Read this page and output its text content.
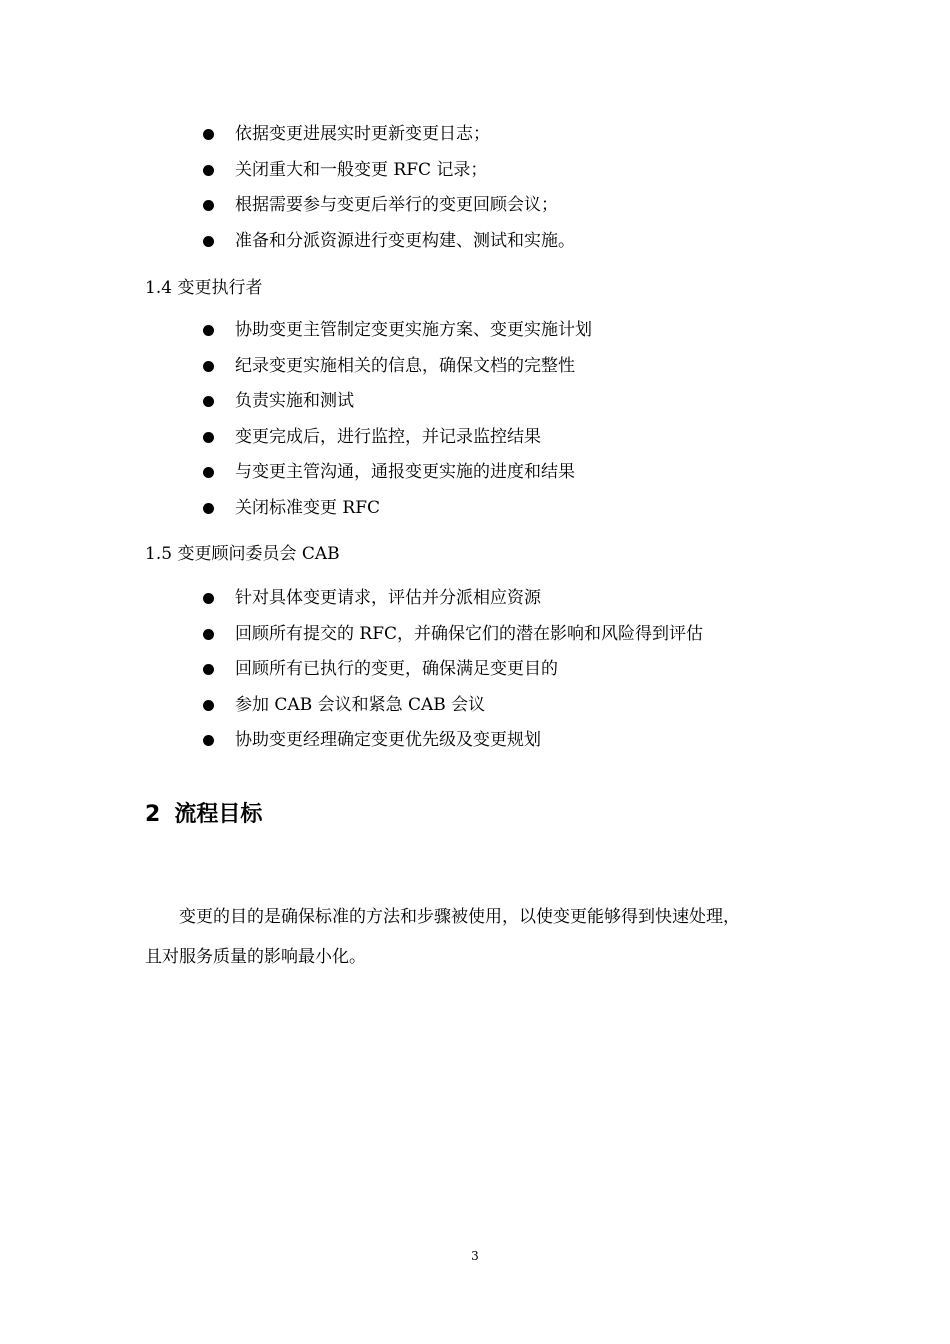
依据变更进展实时更新变更日志；
关闭重大和一般变更 RFC 记录；
根据需要参与变更后举行的变更回顾会议；
准备和分派资源进行变更构建、测试和实施。
1.4 变更执行者
协助变更主管制定变更实施方案、变更实施计划
纪录变更实施相关的信息，确保文档的完整性
负责实施和测试
变更完成后，进行监控，并记录监控结果
与变更主管沟通，通报变更实施的进度和结果
关闭标准变更 RFC
1.5 变更顾问委员会 CAB
针对具体变更请求，评估并分派相应资源
回顾所有提交的 RFC，并确保它们的潜在影响和风险得到评估
回顾所有已执行的变更，确保满足变更目的
参加 CAB 会议和紧急 CAB 会议
协助变更经理确定变更优先级及变更规划
2 流程目标
变更的目的是确保标准的方法和步骤被使用，以使变更能够得到快速处理，
且对服务质量的影响最小化。
3
